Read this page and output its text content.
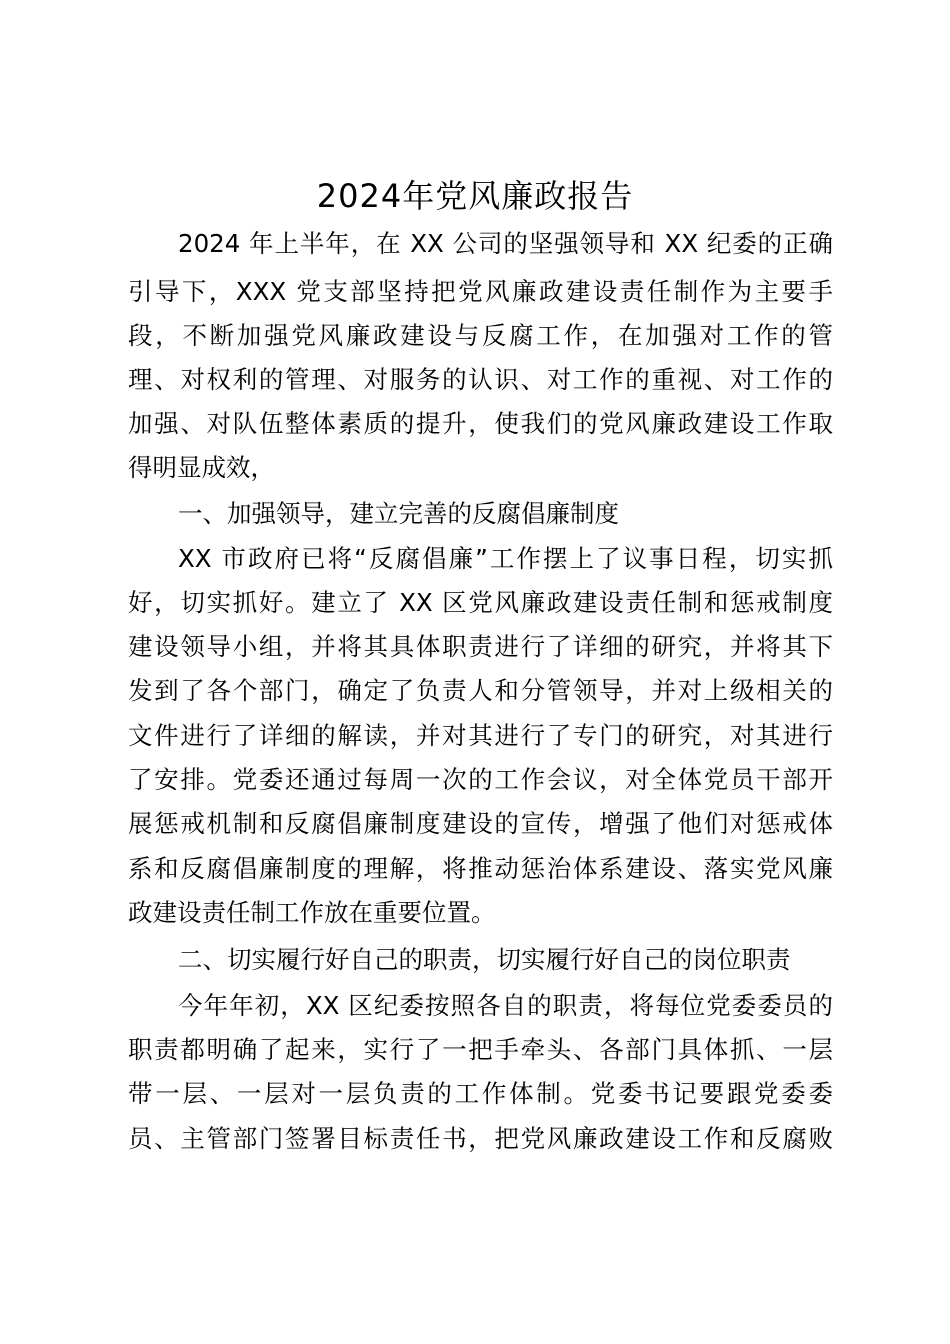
2024年党风廉政报告
2024 年上半年，在 XX 公司的坚强领导和 XX 纪委的正确
引导下，XXX 党支部坚持把党风廉政建设责任制作为主要手
段，不断加强党风廉政建设与反腐工作，在加强对工作的管
理、对权利的管理、对服务的认识、对工作的重视、对工作的
加强、对队伍整体素质的提升，使我们的党风廉政建设工作取
得明显成效，
一、加强领导，建立完善的反腐倡廉制度
XX 市政府已将“反腐倡廉”工作摆上了议事日程，切实抓
好，切实抓好。建立了 XX 区党风廉政建设责任制和惩戒制度
建设领导小组，并将其具体职责进行了详细的研究，并将其下
发到了各个部门，确定了负责人和分管领导，并对上级相关的
文件进行了详细的解读，并对其进行了专门的研究，对其进行
了安排。党委还通过每周一次的工作会议，对全体党员干部开
展惩戒机制和反腐倡廉制度建设的宣传，增强了他们对惩戒体
系和反腐倡廉制度的理解，将推动惩治体系建设、落实党风廉
政建设责任制工作放在重要位置。
二、切实履行好自己的职责，切实履行好自己的岗位职责
今年年初，XX 区纪委按照各自的职责，将每位党委委员的
职责都明确了起来，实行了一把手牵头、各部门具体抓、一层
带一层、一层对一层负责的工作体制。党委书记要跟党委委
员、主管部门签署目标责任书，把党风廉政建设工作和反腐败
